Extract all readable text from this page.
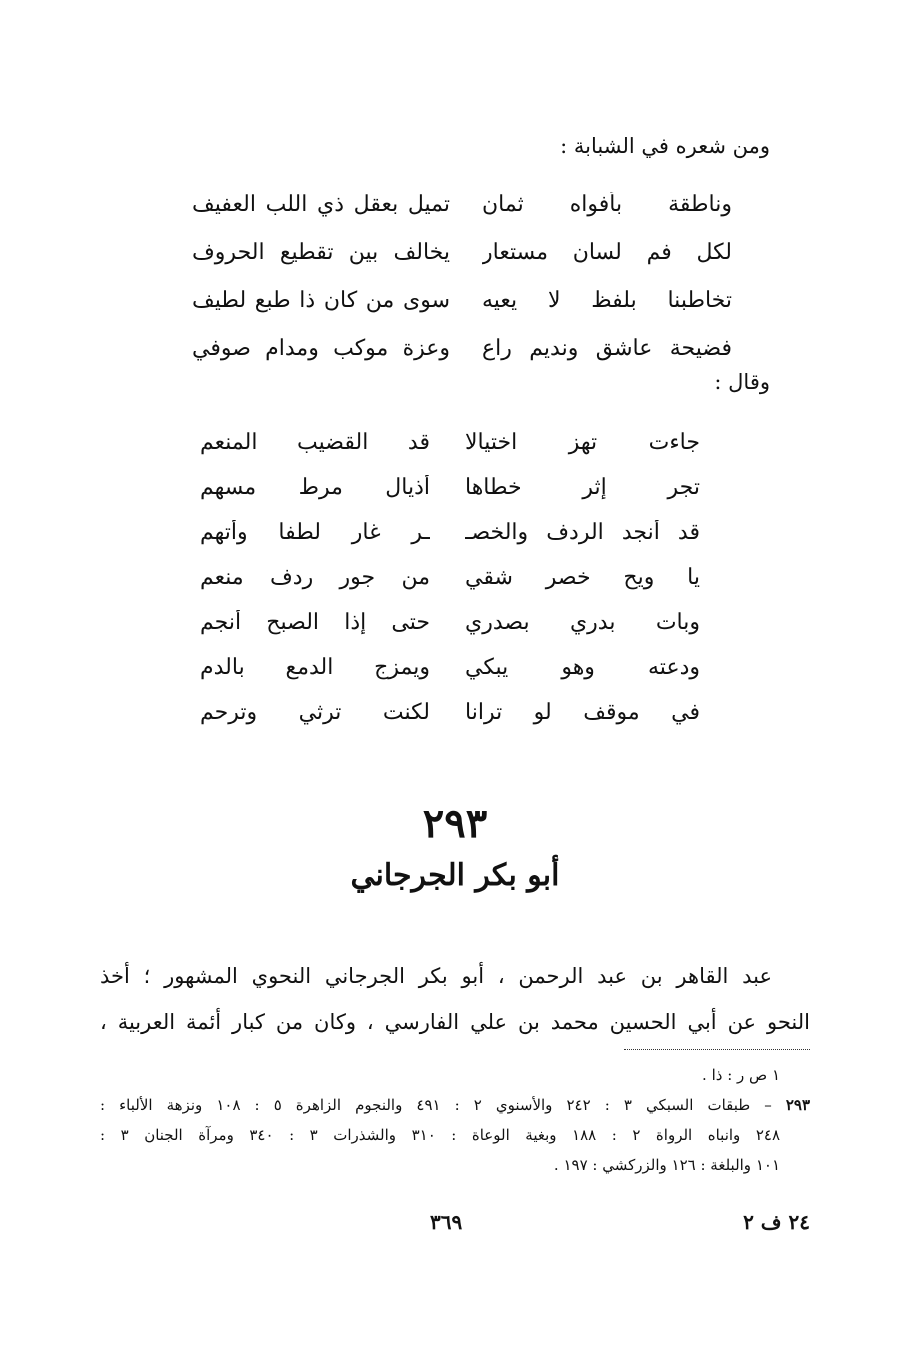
ومن شعره في الشبابة :
وناطقة بأفواه ثمان
تميل بعقل ذي اللب العفيف
لكل فم لسان مستعار
يخالف بين تقطيع الحروف
تخاطبنا بلفظ لا يعيه
سوى من كان ذا طبع لطيف
فضيحة عاشق ونديم راع
وعزة موكب ومدام صوفي
وقال :
جاءت تهز اختيالا
قد القضيب المنعم
تجر إثر خطاها
أذيال مرط مسهم
قد أنجد الردف والخصـ
ـر غار لطفا وأتهم
يا ويح خصر شقي
من جور ردف منعم
وبات بدري بصدري
حتى إذا الصبح أنجم
ودعته وهو يبكي
ويمزج الدمع بالدم
في موقف لو ترانا
لكنت ترثي وترحم
٢٩٣
أبو بكر الجرجاني
عبد القاهر بن عبد الرحمن ، أبو بكر الجرجاني النحوي المشهور ؛ أخذ
النحو عن أبي الحسين محمد بن علي الفارسي ، وكان من كبار أئمة العربية ،
١ ص ر : ذا .
٢٩٣ – طبقات السبكي ٣ : ٢٤٢ والأسنوي ٢ : ٤٩١ والنجوم الزاهرة ٥ : ١٠٨ ونزهة الألباء :
٢٤٨ وانباه الرواة ٢ : ١٨٨ وبغية الوعاة : ٣١٠ والشذرات ٣ : ٣٤٠ ومرآة الجنان ٣ :
١٠١ والبلغة : ١٢٦ والزركشي : ١٩٧ .
٢٤ ف ٢
٣٦٩
